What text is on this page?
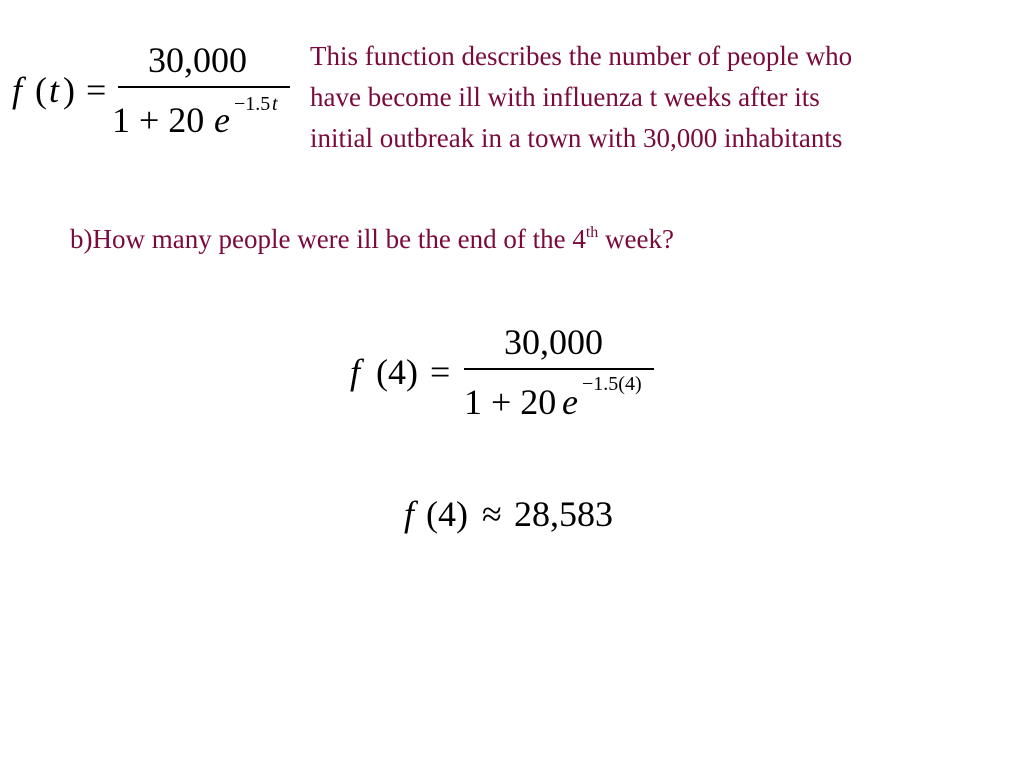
f ( t ) =
30,000
1 + 20 e −1.5 t
This function describes the number of people who
have become ill with influenza t weeks after its
initial outbreak in a town with 30,000 inhabitants
b)How many people were ill be the end of the 4th week?
f (4) =
30,000
1 + 20 e −1.5(4)
f (4) ≈ 28,583
